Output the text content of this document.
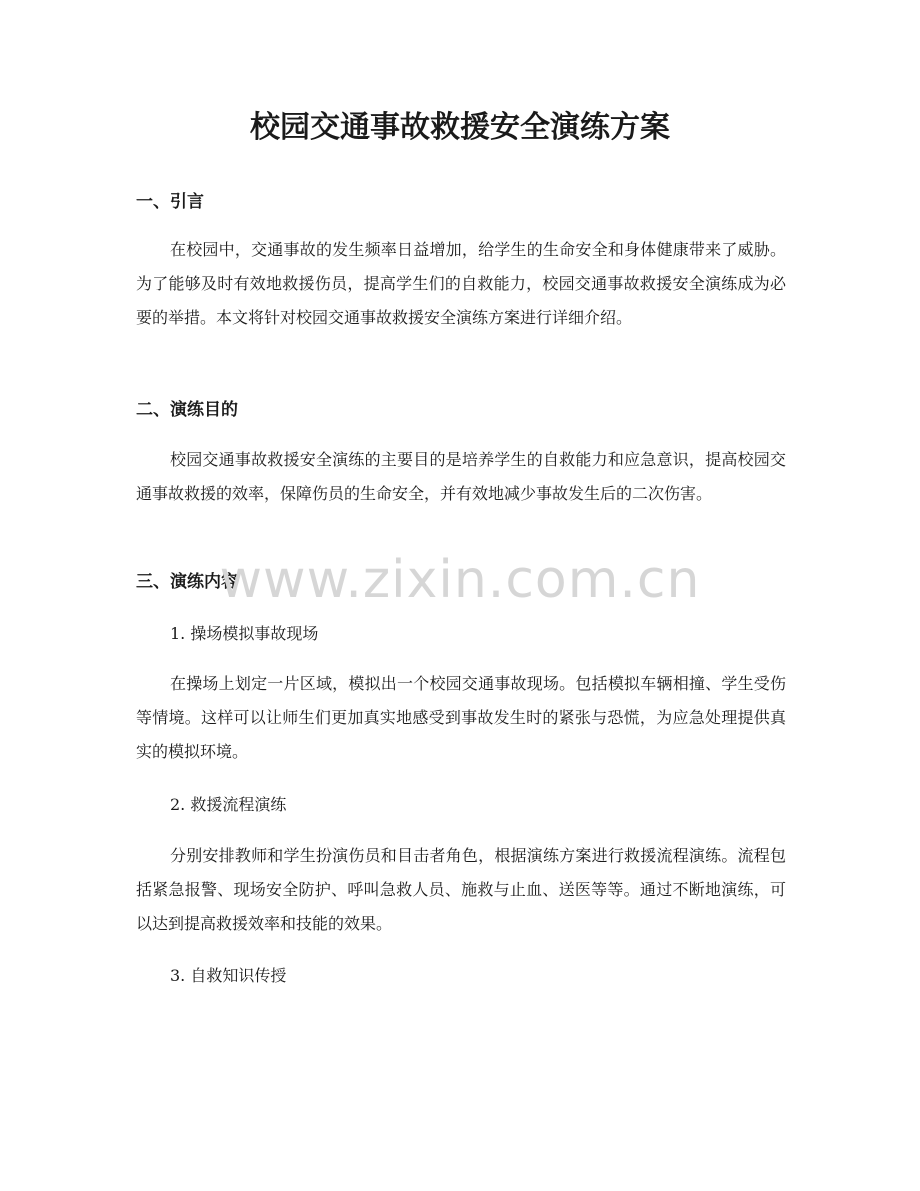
校园交通事故救援安全演练方案
一、引言

在校园中，交通事故的发生频率日益增加，给学生的生命安全和身体健康带来了威胁。为了能够及时有效地救援伤员，提高学生们的自救能力，校园交通事故救援安全演练成为必要的举措。本文将针对校园交通事故救援安全演练方案进行详细介绍。

二、演练目的

校园交通事故救援安全演练的主要目的是培养学生的自救能力和应急意识，提高校园交通事故救援的效率，保障伤员的生命安全，并有效地减少事故发生后的二次伤害。

三、演练内容

1. 操场模拟事故现场

在操场上划定一片区域，模拟出一个校园交通事故现场。包括模拟车辆相撞、学生受伤等情境。这样可以让师生们更加真实地感受到事故发生时的紧张与恐慌，为应急处理提供真实的模拟环境。

2. 救援流程演练

分别安排教师和学生扮演伤员和目击者角色，根据演练方案进行救援流程演练。流程包括紧急报警、现场安全防护、呼叫急救人员、施救与止血、送医等等。通过不断地演练，可以达到提高救援效率和技能的效果。

3. 自救知识传授

www.zixin.com.cn
